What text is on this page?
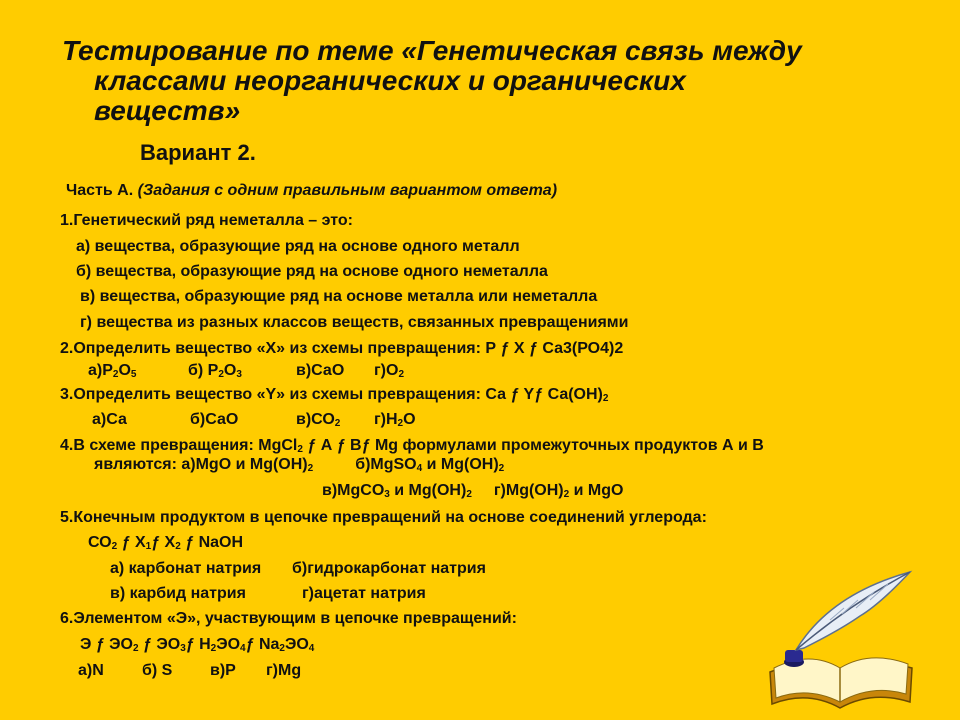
Тестирование по теме «Генетическая связь между
классами неорганических и органических
веществ»
Вариант 2.
Часть А. (Задания с одним правильным вариантом ответа)
1.Генетический ряд неметалла – это:
а) вещества, образующие ряд на основе одного металл
б) вещества, образующие ряд на основе одного неметалла
в) вещества, образующие ряд на основе металла или неметалла
г) вещества из разных классов веществ, связанных превращениями
2.Определить вещество «Х» из схемы превращения: Р ƒ Х ƒ Са3(РО4)2
$а)Р_2О_5$	б) $Р_2О_3$	в)СаО $г)О_2$
3.Определить вещество «Y» из схемы превращения: Са ƒ Yƒ $Са(ОН)_2$
а)Са	б)СаО	$в)СО_2$ $г)Н_2О$
4.В схеме превращения: MgCl$_2$ ƒ А ƒ Вƒ Mg формулами промежуточных продуктов А и В
являются: а)MgO и $Mg(OH)_2$	б)MgSO$_4$ и $Mg(OH)_2$
в)MgCO$_3$ и $Mg(OH)_2$ $г)Mg(OH)_2$ и MgO
5.Конечным продуктом в цепочке превращений на основе соединений углерода:
$СО_2$ ƒ $Х_1ƒ$ $Х_2$ ƒ NaOH
а) карбонат натрия б)гидрокарбонат натрия
в) карбид натрия	г)ацетат натрия
6.Элементом «Э», участвующим в цепочке превращений:
Э ƒ $ЭО_2$ ƒ $ЭО_3ƒ$ $Н_2ЭО_4ƒ$ $Na_2ЭО_4$
а)N б) S в)Р г)Mg
